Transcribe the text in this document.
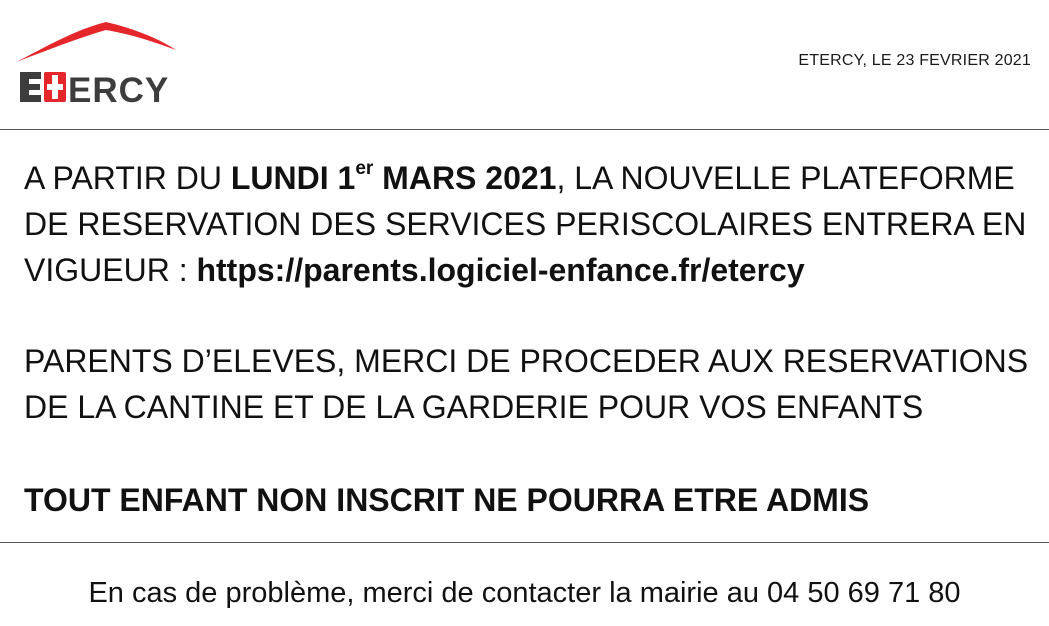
ERCY
ETERCY, LE 23 FEVRIER 2021
A PARTIR DU LUNDI 1er MARS 2021, LA NOUVELLE PLATEFORME DE RESERVATION DES SERVICES PERISCOLAIRES ENTRERA EN VIGUEUR : https://parents.logiciel-enfance.fr/etercy
PARENTS D’ELEVES, MERCI DE PROCEDER AUX RESERVATIONS DE LA CANTINE ET DE LA GARDERIE POUR VOS ENFANTS
TOUT ENFANT NON INSCRIT NE POURRA ETRE ADMIS
En cas de problème, merci de contacter la mairie au 04 50 69 71 80
